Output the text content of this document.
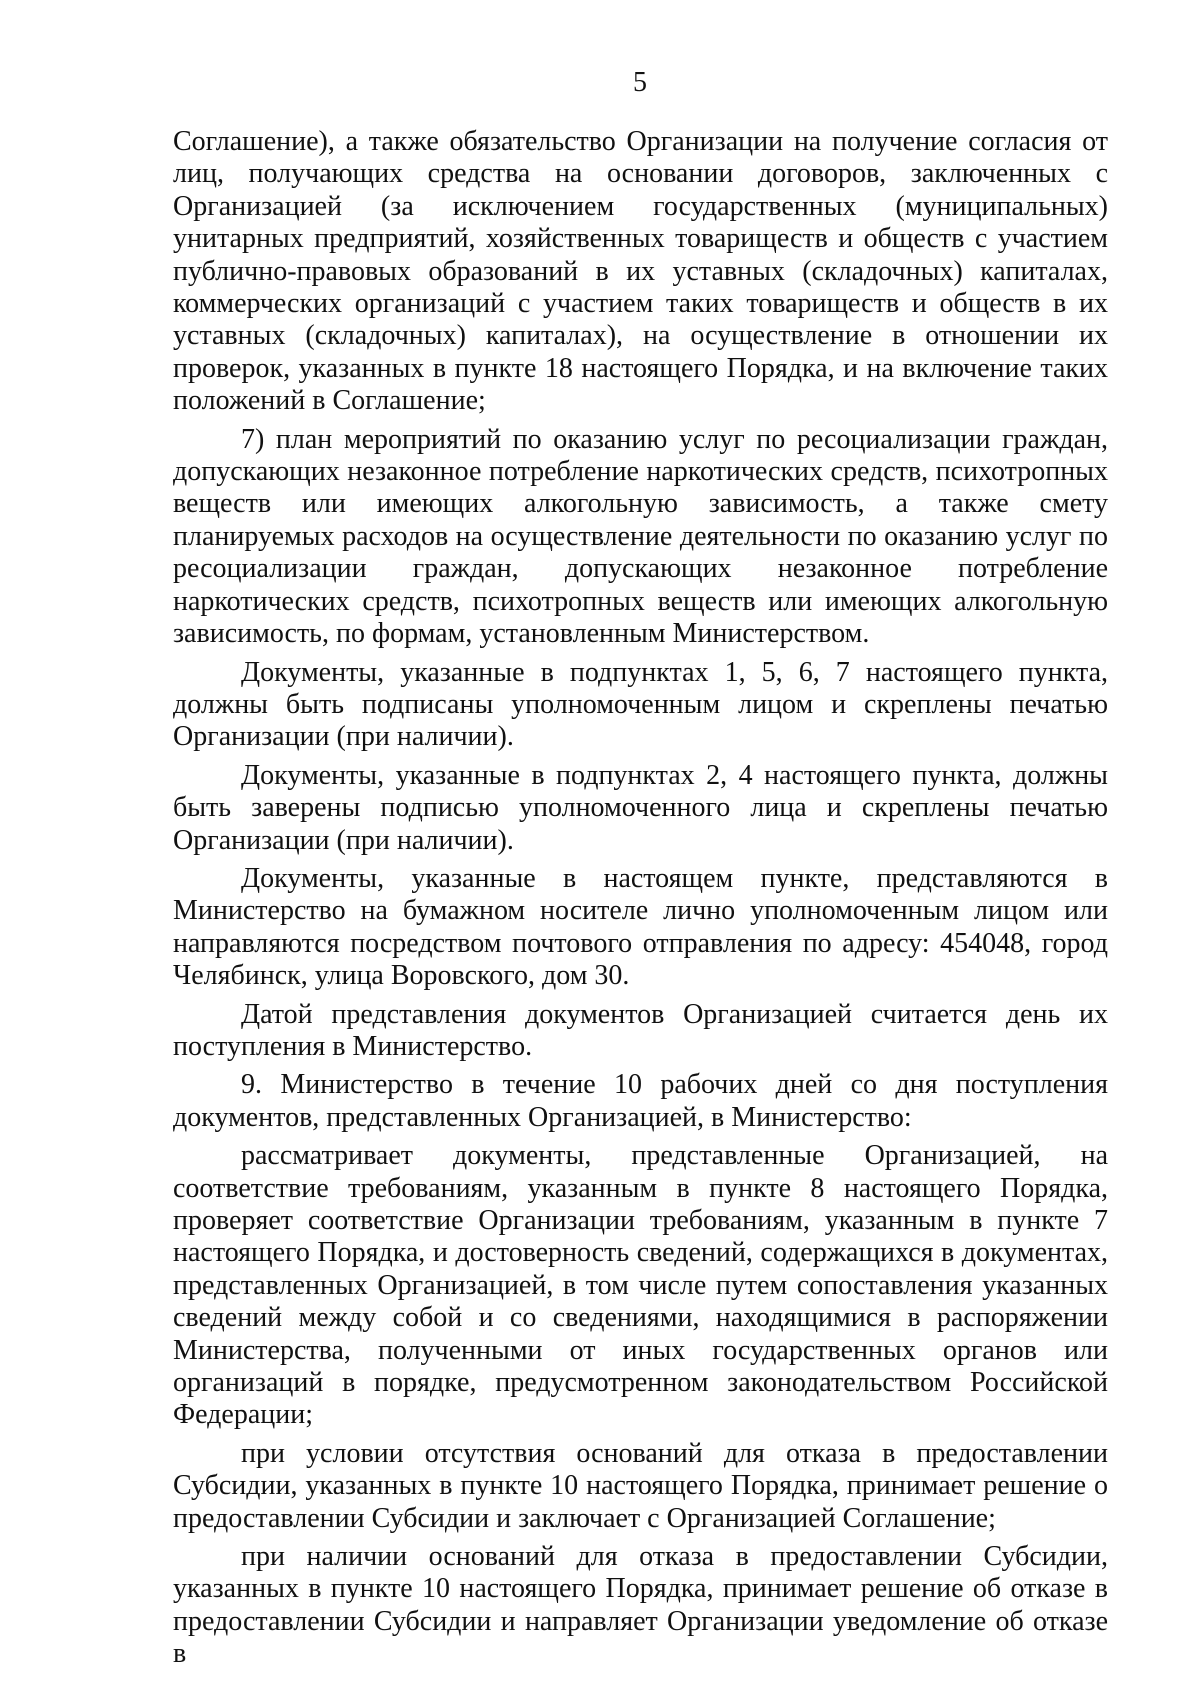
5

Соглашение), а также обязательство Организации на получение согласия от лиц, получающих средства на основании договоров, заключенных с Организацией (за исключением государственных (муниципальных) унитарных предприятий, хозяйственных товариществ и обществ с участием публично-правовых образований в их уставных (складочных) капиталах, коммерческих организаций с участием таких товариществ и обществ в их уставных (складочных) капиталах), на осуществление в отношении их проверок, указанных в пункте 18 настоящего Порядка, и на включение таких положений в Соглашение;

7) план мероприятий по оказанию услуг по ресоциализации граждан, допускающих незаконное потребление наркотических средств, психотропных веществ или имеющих алкогольную зависимость, а также смету планируемых расходов на осуществление деятельности по оказанию услуг по ресоциализации граждан, допускающих незаконное потребление наркотических средств, психотропных веществ или имеющих алкогольную зависимость, по формам, установленным Министерством.

Документы, указанные в подпунктах 1, 5, 6, 7 настоящего пункта, должны быть подписаны уполномоченным лицом и скреплены печатью Организации (при наличии).

Документы, указанные в подпунктах 2, 4 настоящего пункта, должны быть заверены подписью уполномоченного лица и скреплены печатью Организации (при наличии).

Документы, указанные в настоящем пункте, представляются в Министерство на бумажном носителе лично уполномоченным лицом или направляются посредством почтового отправления по адресу: 454048, город Челябинск, улица Воровского, дом 30.

Датой представления документов Организацией считается день их поступления в Министерство.

9. Министерство в течение 10 рабочих дней со дня поступления документов, представленных Организацией, в Министерство:

рассматривает документы, представленные Организацией, на соответствие требованиям, указанным в пункте 8 настоящего Порядка, проверяет соответствие Организации требованиям, указанным в пункте 7 настоящего Порядка, и достоверность сведений, содержащихся в документах, представленных Организацией, в том числе путем сопоставления указанных сведений между собой и со сведениями, находящимися в распоряжении Министерства, полученными от иных государственных органов или организаций в порядке, предусмотренном законодательством Российской Федерации;

при условии отсутствия оснований для отказа в предоставлении Субсидии, указанных в пункте 10 настоящего Порядка, принимает решение о предоставлении Субсидии и заключает с Организацией Соглашение;

при наличии оснований для отказа в предоставлении Субсидии, указанных в пункте 10 настоящего Порядка, принимает решение об отказе в предоставлении Субсидии и направляет Организации уведомление об отказе в
